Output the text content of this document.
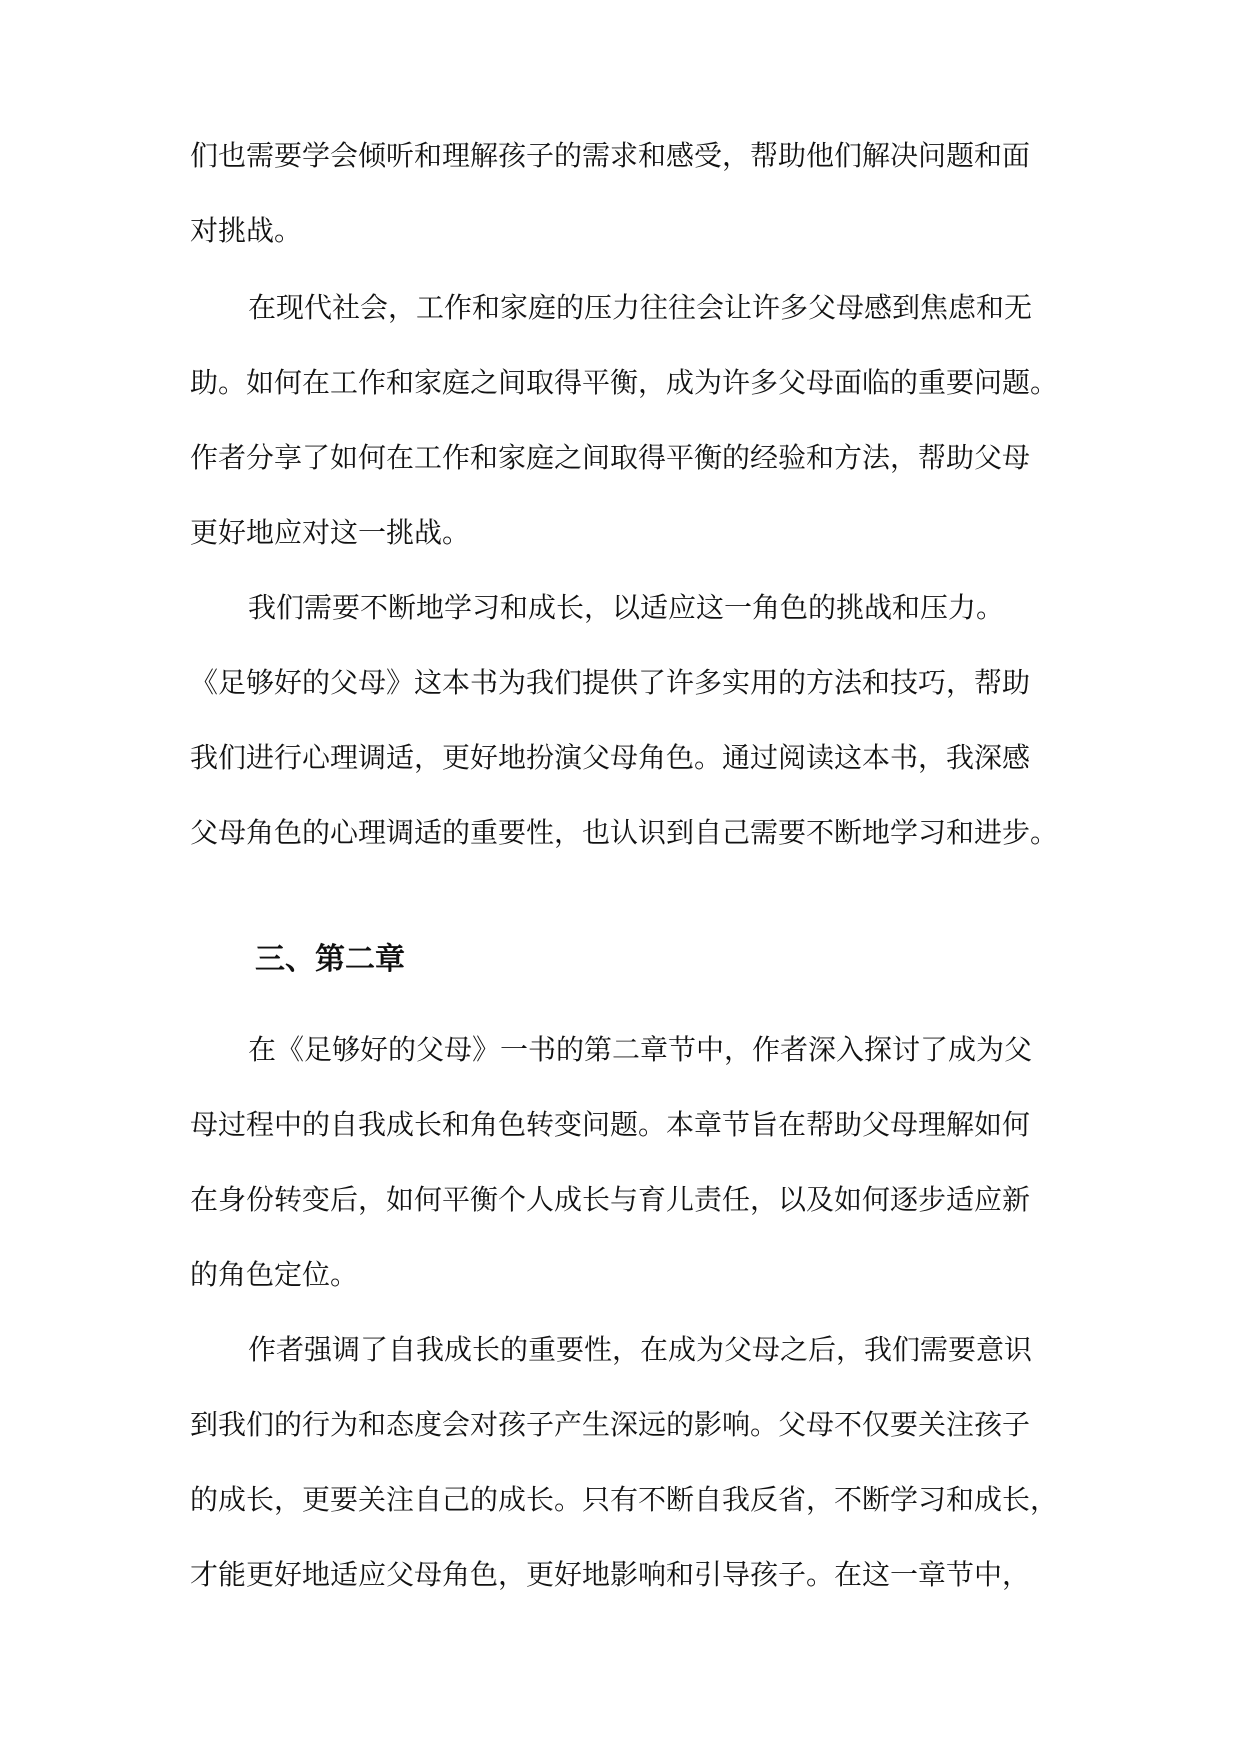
们也需要学会倾听和理解孩子的需求和感受，帮助他们解决问题和面
对挑战。
在现代社会，工作和家庭的压力往往会让许多父母感到焦虑和无
助。如何在工作和家庭之间取得平衡，成为许多父母面临的重要问题。
作者分享了如何在工作和家庭之间取得平衡的经验和方法，帮助父母
更好地应对这一挑战。
我们需要不断地学习和成长，以适应这一角色的挑战和压力。
《足够好的父母》这本书为我们提供了许多实用的方法和技巧，帮助
我们进行心理调适，更好地扮演父母角色。通过阅读这本书，我深感
父母角色的心理调适的重要性，也认识到自己需要不断地学习和进步。
三、第二章
在《足够好的父母》一书的第二章节中，作者深入探讨了成为父
母过程中的自我成长和角色转变问题。本章节旨在帮助父母理解如何
在身份转变后，如何平衡个人成长与育儿责任，以及如何逐步适应新
的角色定位。
作者强调了自我成长的重要性，在成为父母之后，我们需要意识
到我们的行为和态度会对孩子产生深远的影响。父母不仅要关注孩子
的成长，更要关注自己的成长。只有不断自我反省，不断学习和成长，
才能更好地适应父母角色，更好地影响和引导孩子。在这一章节中，
